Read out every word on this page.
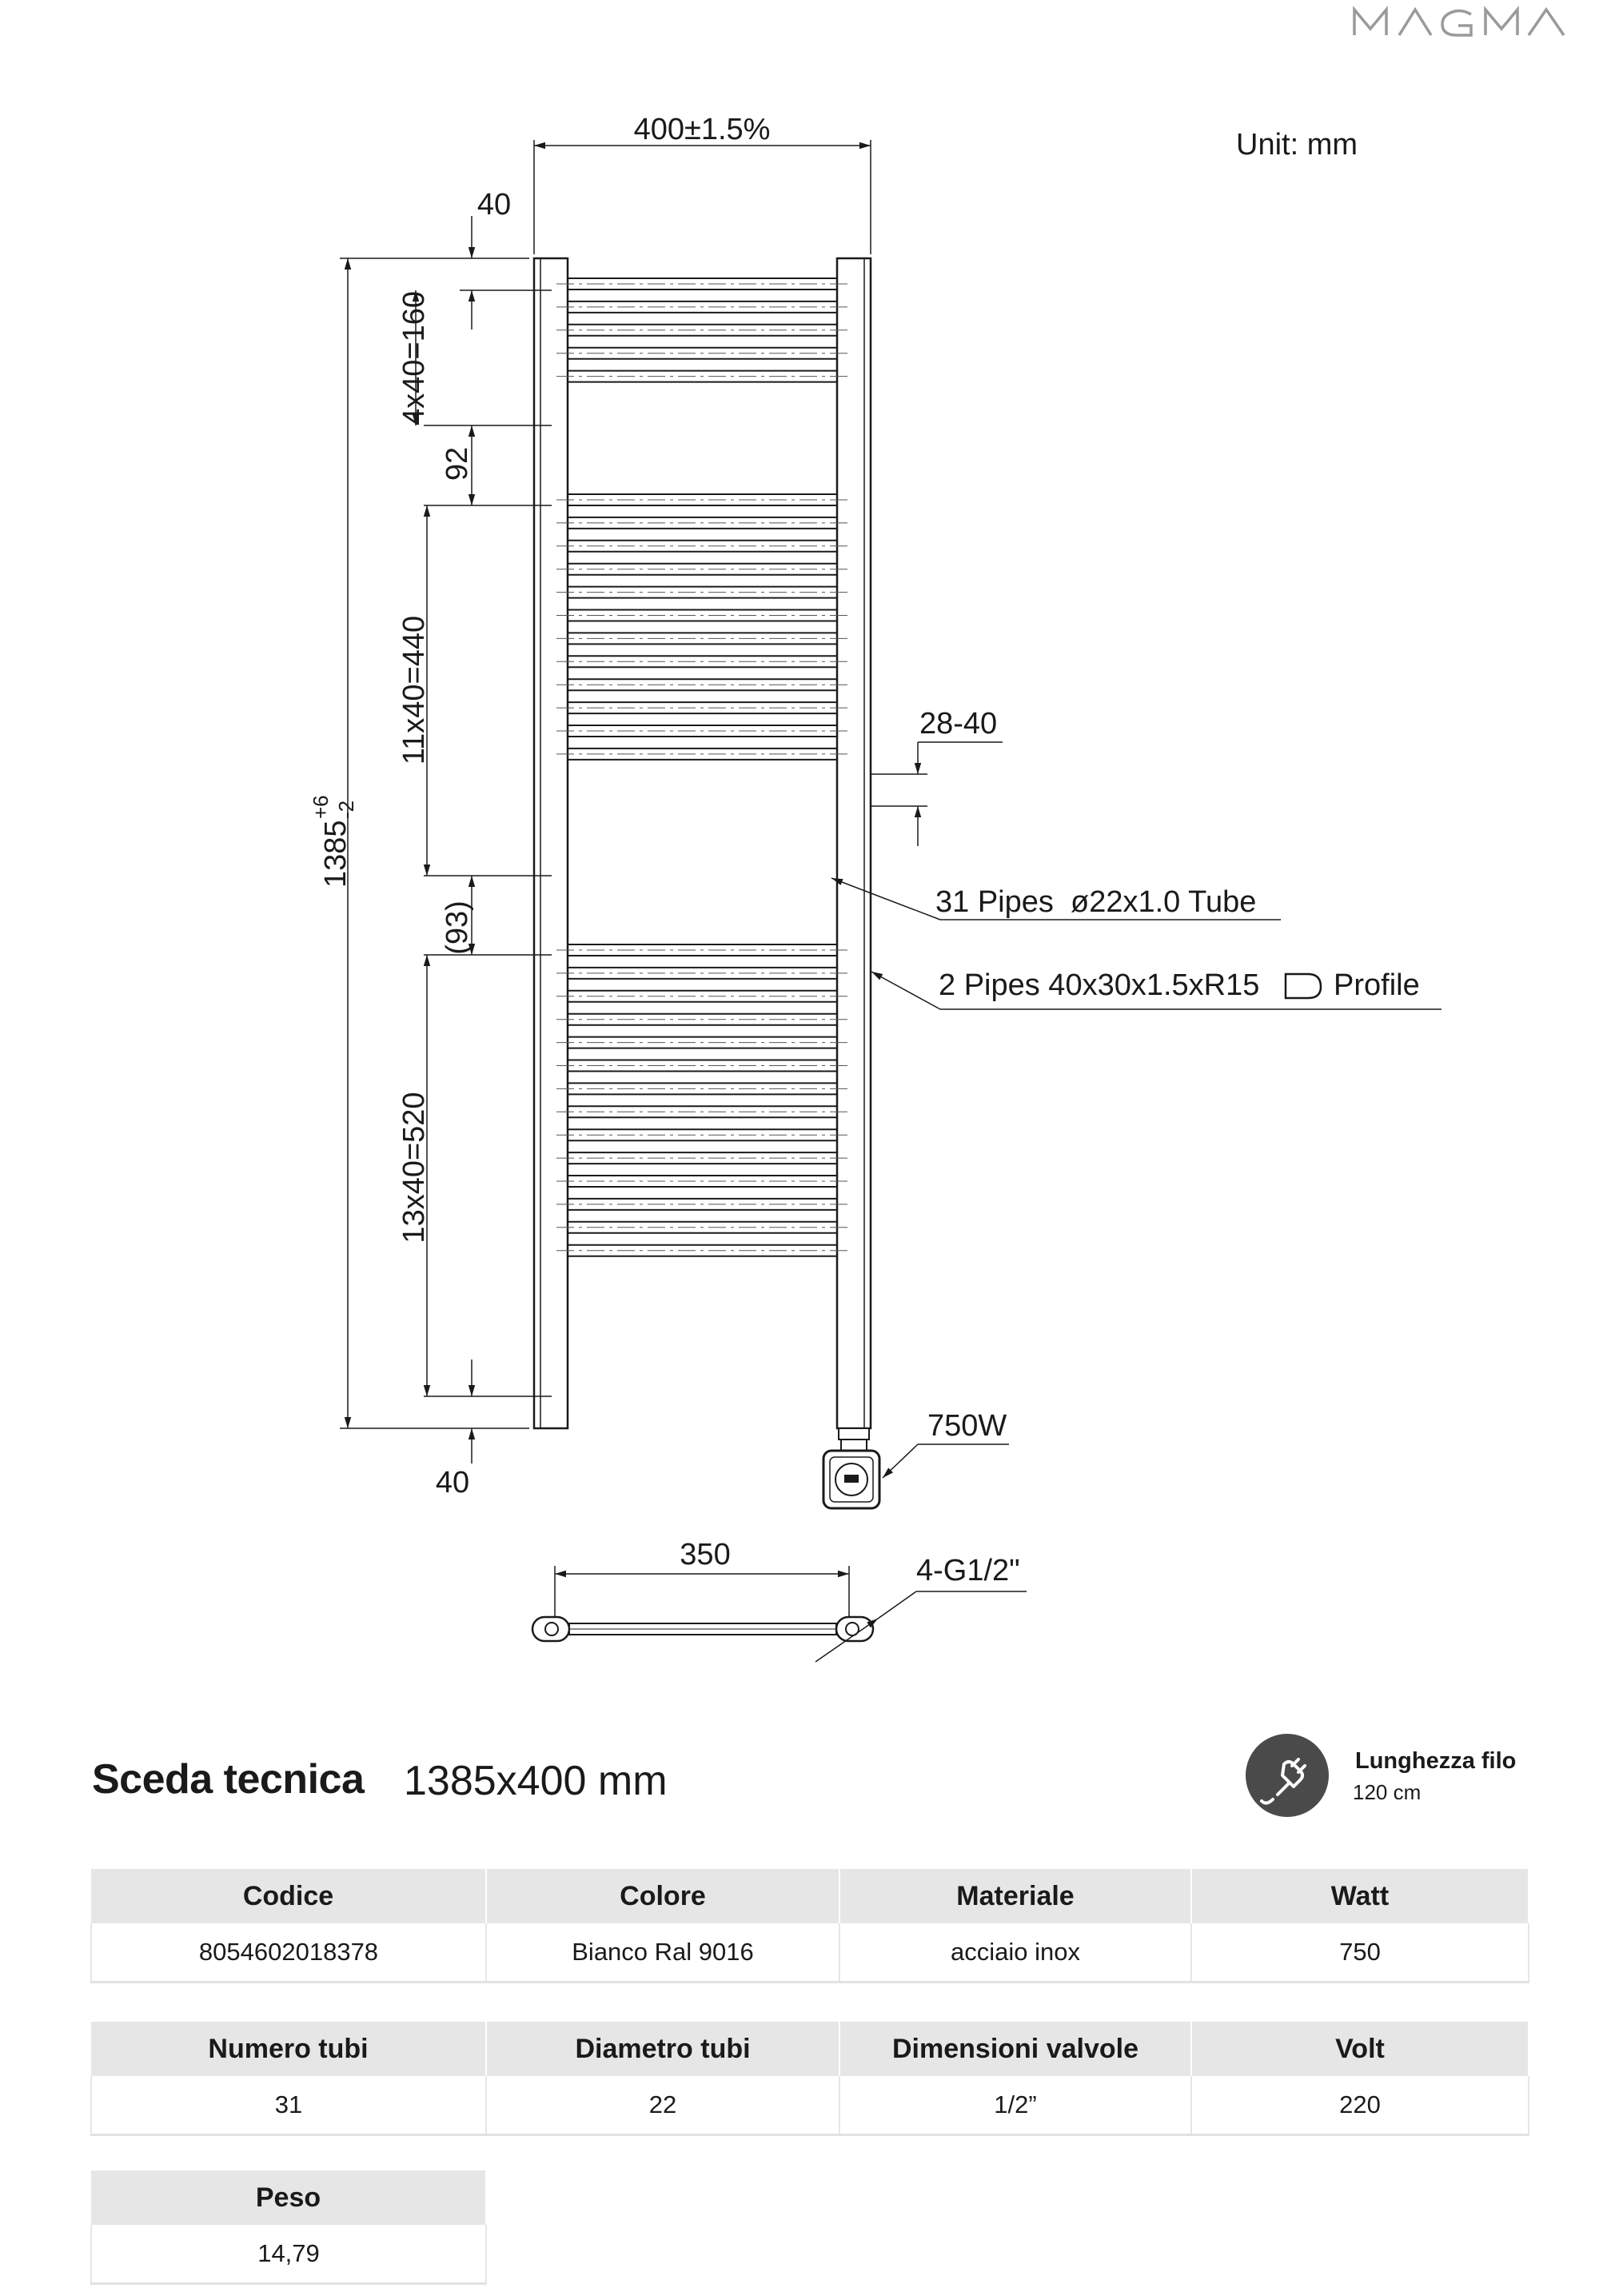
MAGMA
400±1.5%	Unit: mm
1385
+6 -2
40
4x40=160
92
11x40=440
(93)
13x40=520
40
28-40
31 Pipes  ø22x1.0 Tube
2 Pipes 40x30x1.5xR15 Profile
750W
350	4-G1/2"
Sceda tecnica 1385x400 mm	Lunghezza filo
120 cm
Codice	Colore	Materiale	Watt
8054602018378	Bianco Ral 9016	acciaio inox	750
Numero tubi	Diametro tubi	Dimensioni valvole	Volt
31	22	1/2”	220
Peso
14,79
